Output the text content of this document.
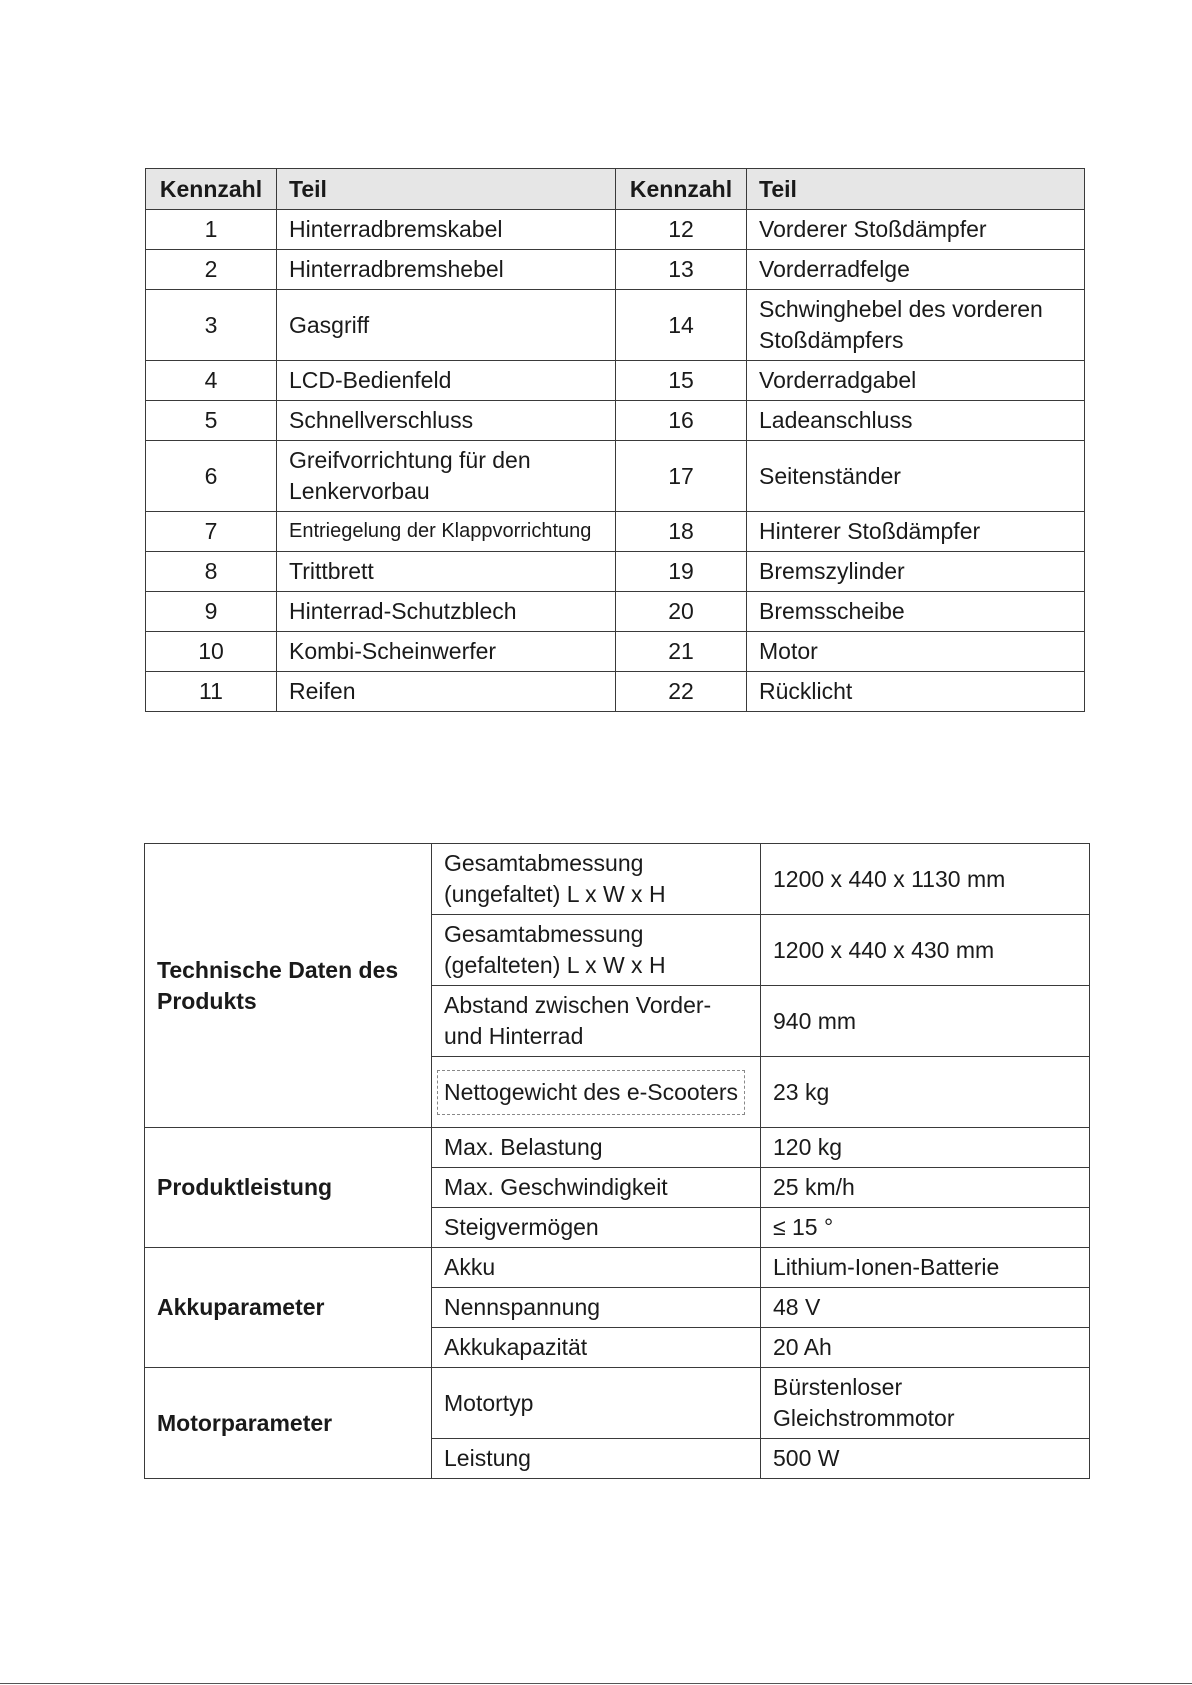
Kennzahl	Teil	Kennzahl	Teil
1	Hinterradbremskabel	12	Vorderer Stoßdämpfer
2	Hinterradbremshebel	13	Vorderradfelge
3	Gasgriff	14	Schwinghebel des vorderen Stoßdämpfers
4	LCD-Bedienfeld	15	Vorderradgabel
5	Schnellverschluss	16	Ladeanschluss
6	Greifvorrichtung für den Lenkervorbau	17	Seitenständer
7	Entriegelung der Klappvorrichtung	18	Hinterer Stoßdämpfer
8	Trittbrett	19	Bremszylinder
9	Hinterrad-Schutzblech	20	Bremsscheibe
10	Kombi-Scheinwerfer	21	Motor
11	Reifen	22	Rücklicht
Technische Daten des Produkts	Gesamtabmessung (ungefaltet) L x W x H	1200 x 440 x 1130 mm
	Gesamtabmessung (gefalteten) L x W x H	1200 x 440 x 430 mm
	Abstand zwischen Vorder- und Hinterrad	940 mm
	Nettogewicht des e-Scooters	23 kg
Produktleistung	Max. Belastung	120 kg
	Max. Geschwindigkeit	25 km/h
	Steigvermögen	≤ 15 °
Akkuparameter	Akku	Lithium-Ionen-Batterie
	Nennspannung	48 V
	Akkukapazität	20 Ah
Motorparameter	Motortyp	Bürstenloser Gleichstrommotor
	Leistung	500 W
